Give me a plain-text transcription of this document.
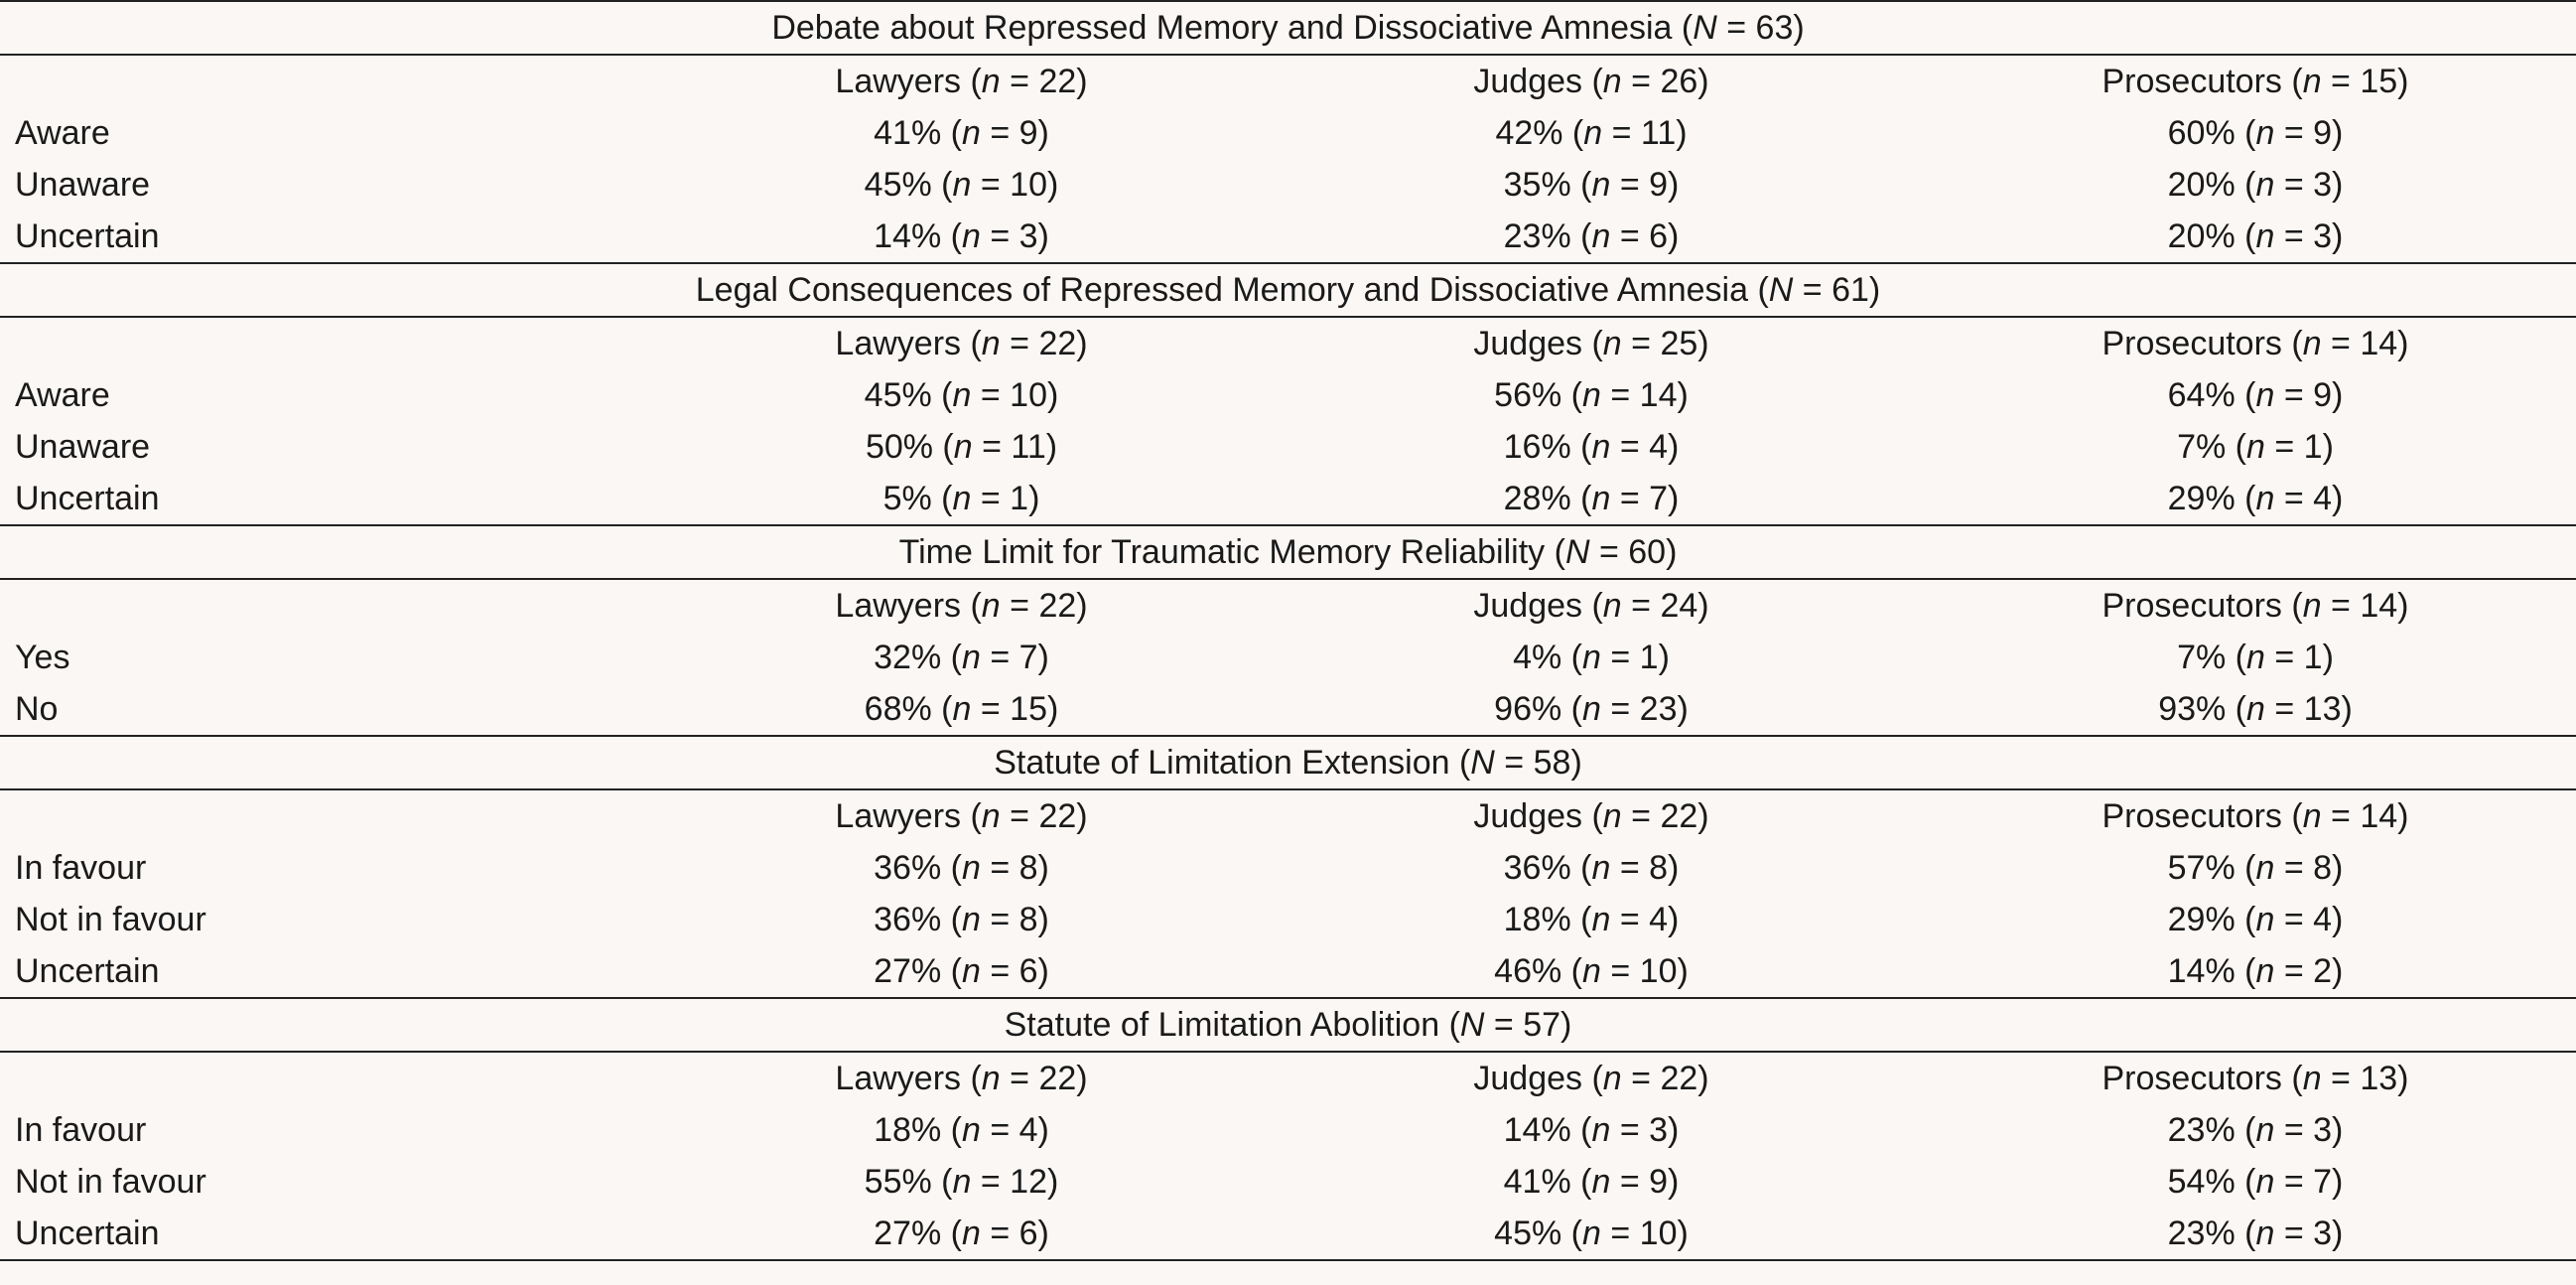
Debate about Repressed Memory and Dissociative Amnesia (N = 63)			
	Lawyers (n = 22)	Judges (n = 26)	Prosecutors (n = 15)
Aware	41% (n = 9)	42% (n = 11)	60% (n = 9)
Unaware	45% (n = 10)	35% (n = 9)	20% (n = 3)
Uncertain	14% (n = 3)	23% (n = 6)	20% (n = 3)
Legal Consequences of Repressed Memory and Dissociative Amnesia (N = 61)			
	Lawyers (n = 22)	Judges (n = 25)	Prosecutors (n = 14)
Aware	45% (n = 10)	56% (n = 14)	64% (n = 9)
Unaware	50% (n = 11)	16% (n = 4)	7% (n = 1)
Uncertain	5% (n = 1)	28% (n = 7)	29% (n = 4)
Time Limit for Traumatic Memory Reliability (N = 60)			
	Lawyers (n = 22)	Judges (n = 24)	Prosecutors (n = 14)
Yes	32% (n = 7)	4% (n = 1)	7% (n = 1)
No	68% (n = 15)	96% (n = 23)	93% (n = 13)
Statute of Limitation Extension (N = 58)			
	Lawyers (n = 22)	Judges (n = 22)	Prosecutors (n = 14)
In favour	36% (n = 8)	36% (n = 8)	57% (n = 8)
Not in favour	36% (n = 8)	18% (n = 4)	29% (n = 4)
Uncertain	27% (n = 6)	46% (n = 10)	14% (n = 2)
Statute of Limitation Abolition (N = 57)			
	Lawyers (n = 22)	Judges (n = 22)	Prosecutors (n = 13)
In favour	18% (n = 4)	14% (n = 3)	23% (n = 3)
Not in favour	55% (n = 12)	41% (n = 9)	54% (n = 7)
Uncertain	27% (n = 6)	45% (n = 10)	23% (n = 3)
